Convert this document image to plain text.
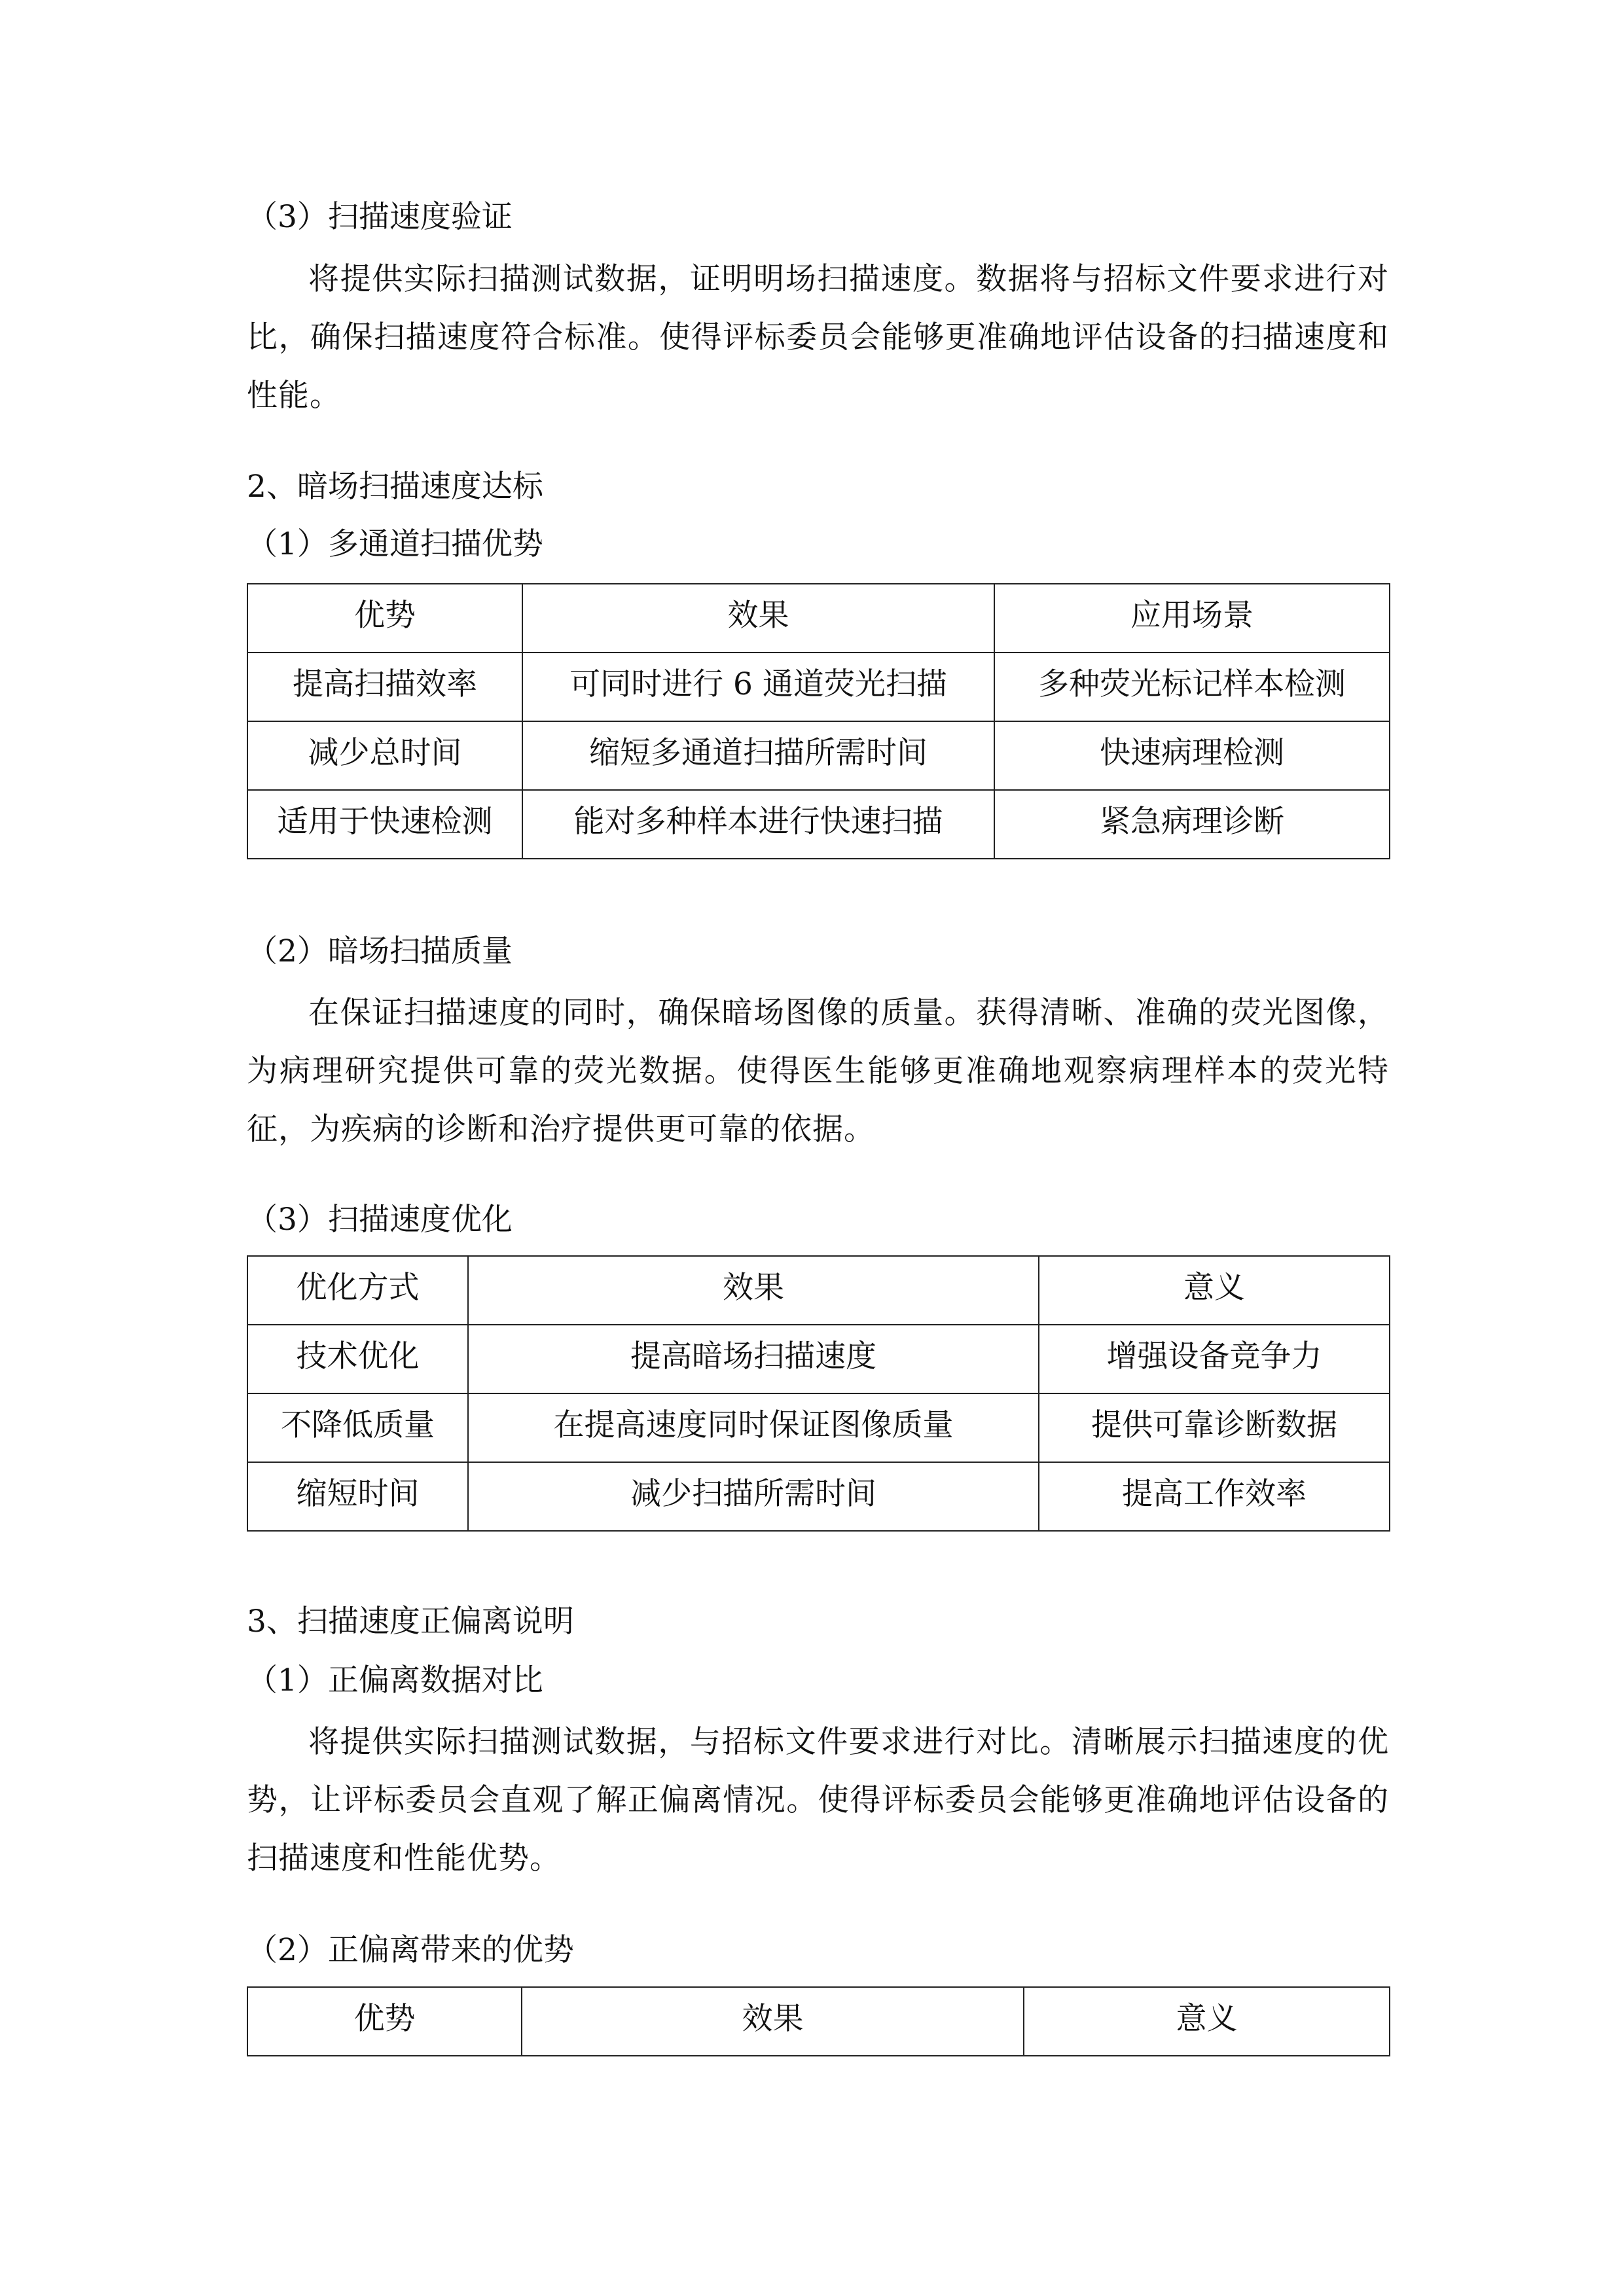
（3）扫描速度验证
将提供实际扫描测试数据，证明明场扫描速度。数据将与招标文件要求进行对比，确保扫描速度符合标准。使得评标委员会能够更准确地评估设备的扫描速度和性能。
2、暗场扫描速度达标
（1）多通道扫描优势
优势	效果	应用场景
提高扫描效率	可同时进行 6 通道荧光扫描	多种荧光标记样本检测
减少总时间	缩短多通道扫描所需时间	快速病理检测
适用于快速检测	能对多种样本进行快速扫描	紧急病理诊断
（2）暗场扫描质量
在保证扫描速度的同时，确保暗场图像的质量。获得清晰、准确的荧光图像，为病理研究提供可靠的荧光数据。使得医生能够更准确地观察病理样本的荧光特征，为疾病的诊断和治疗提供更可靠的依据。
（3）扫描速度优化
优化方式	效果	意义
技术优化	提高暗场扫描速度	增强设备竞争力
不降低质量	在提高速度同时保证图像质量	提供可靠诊断数据
缩短时间	减少扫描所需时间	提高工作效率
3、扫描速度正偏离说明
（1）正偏离数据对比
将提供实际扫描测试数据，与招标文件要求进行对比。清晰展示扫描速度的优势，让评标委员会直观了解正偏离情况。使得评标委员会能够更准确地评估设备的扫描速度和性能优势。
（2）正偏离带来的优势
优势	效果	意义
